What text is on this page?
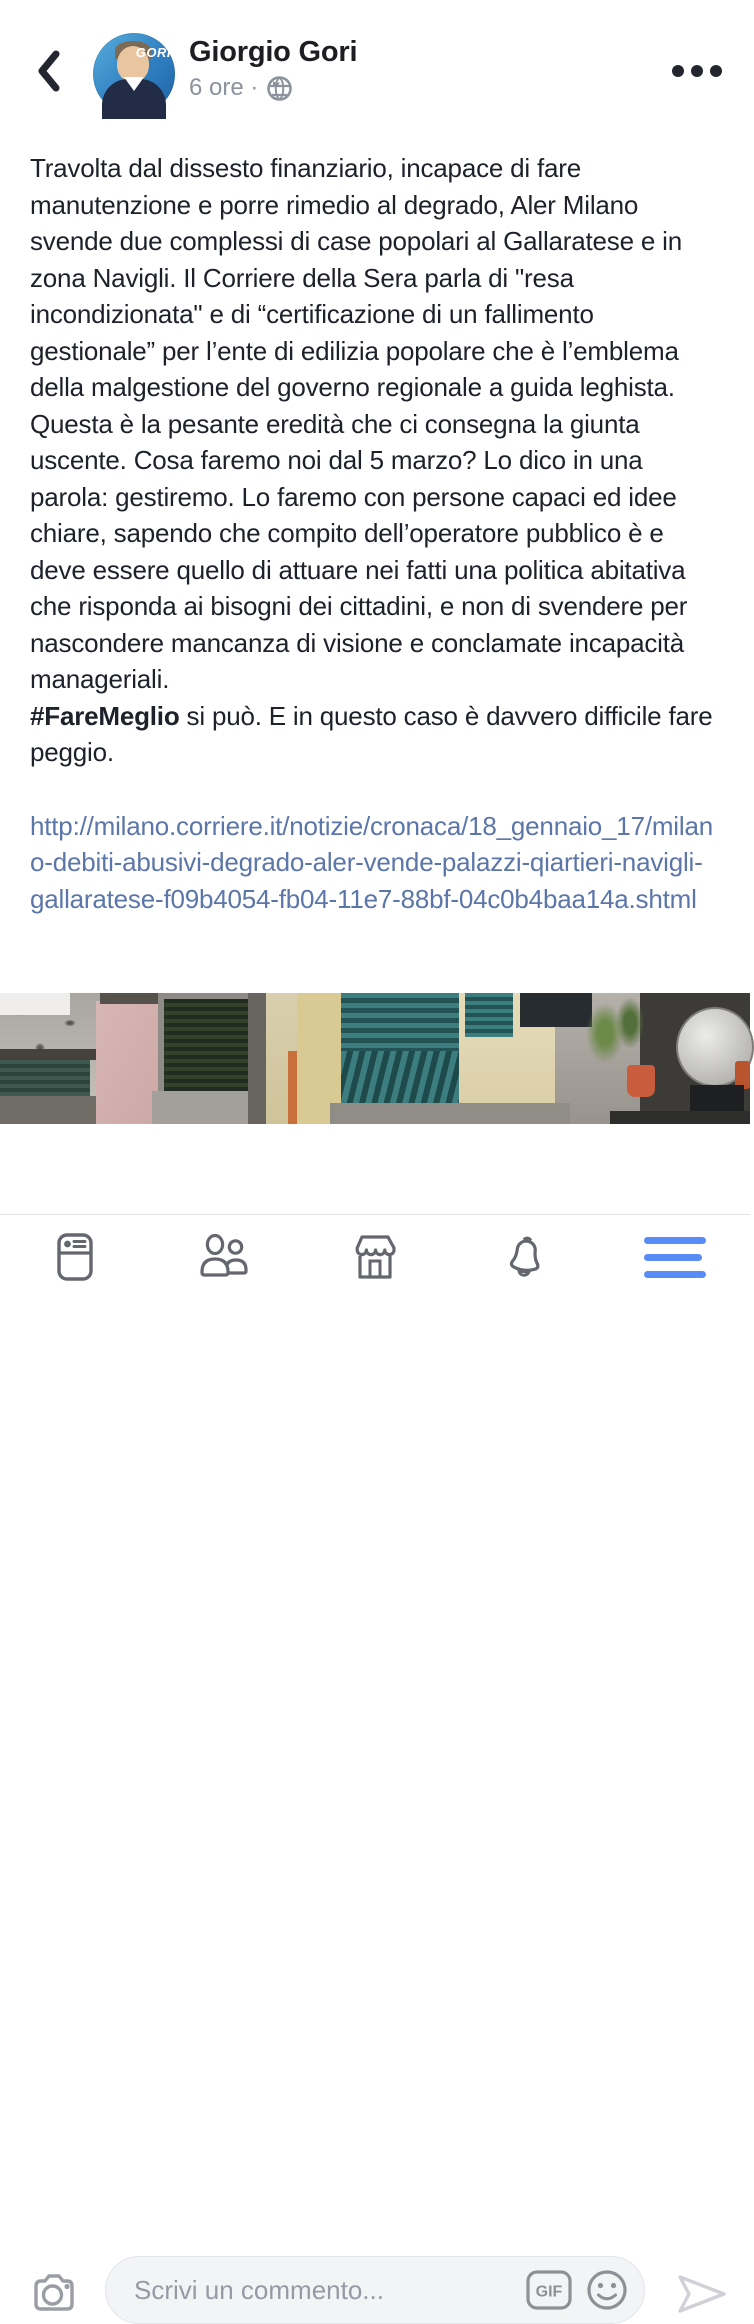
GORI Giorgio Gori
6 ore ·
Travolta dal dissesto finanziario, incapace di fare manutenzione e porre rimedio al degrado, Aler Milano svende due complessi di case popolari al Gallaratese e in zona Navigli. Il Corriere della Sera parla di "resa incondizionata" e di “certificazione di un fallimento gestionale” per l’ente di edilizia popolare che è l’emblema della malgestione del governo regionale a guida leghista.
Questa è la pesante eredità che ci consegna la giunta uscente. Cosa faremo noi dal 5 marzo? Lo dico in una parola: gestiremo. Lo faremo con persone capaci ed idee chiare, sapendo che compito dell’operatore pubblico è e deve essere quello di attuare nei fatti una politica abitativa che risponda ai bisogni dei cittadini, e non di svendere per nascondere mancanza di visione e conclamate incapacità manageriali.
#FareMeglio si può. E in questo caso è davvero difficile fare peggio.
http://milano.corriere.it/notizie/cronaca/18_gennaio_17/milano-debiti-abusivi-degrado-aler-vende-palazzi-qiartieri-navigli-gallaratese-f09b4054-fb04-11e7-88bf-04c0b4baa14a.shtml
Scrivi un commento...	GIF
